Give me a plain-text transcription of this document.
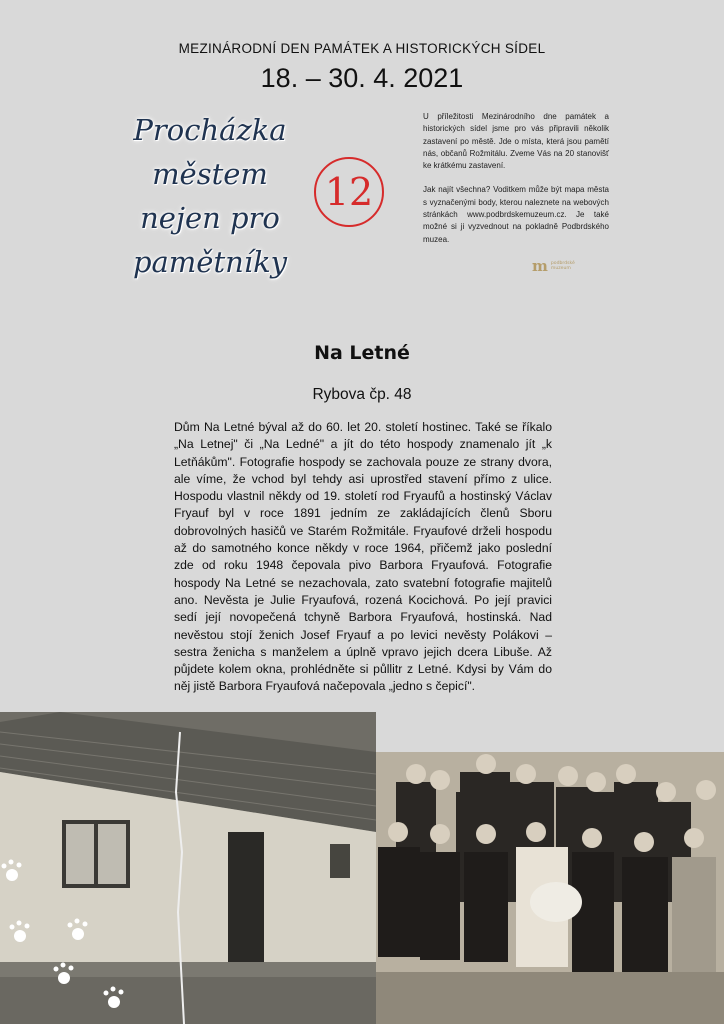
MEZINÁRODNÍ DEN PAMÁTEK A HISTORICKÝCH SÍDEL
18. – 30. 4. 2021
Procházka
městem
nejen pro
pamětníky
12

U příležitosti Mezinárodního dne památek a historických sídel jsme pro vás připravili několik zastavení po městě. Jde o místa, která jsou pamětí nás, občanů Rožmitálu. Zveme Vás na 20 stanovišť ke krátkému zastavení.

Jak najít všechna? Voditkem může být mapa města s vyznačenými body, kterou naleznete na webových stránkách www.podbrdskemuzeum.cz. Je také možné si ji vyzvednout na pokladně Podbrdského muzea.

m podbrdské
muzeum
Na Letné
Rybova čp. 48
Dům Na Letné býval až do 60. let 20. století hostinec. Také se říkalo „Na Letnej" či „Na Ledné" a jít do této hospody znamenalo jít „k Letňákům". Fotografie hospody se zachovala pouze ze strany dvora, ale víme, že vchod byl tehdy asi uprostřed stavení přímo z ulice. Hospodu vlastnil někdy od 19. století rod Fryaufů a hostinský Václav Fryauf byl v roce 1891 jedním ze zakládajících členů Sboru dobrovolných hasičů ve Starém Rožmitále. Fryaufové drželi hospodu až do samotného konce někdy v roce 1964, přičemž jako poslední zde od roku 1948 čepovala pivo Barbora Fryaufová. Fotografie hospody Na Letné se nezachovala, zato svatební fotografie majitelů ano. Nevěsta je Julie Fryaufová, rozená Kocichová. Po její pravici sedí její novopečená tchyně Barbora Fryaufová, hostinská. Nad nevěstou stojí ženich Josef Fryauf a po levici nevěsty Polákovi – sestra ženicha s manželem a úplně vpravo jejich dcera Libuše. Až půjdete kolem okna, prohlédněte si půllitr z Letné. Kdysi by Vám do něj jistě Barbora Fryaufová načepovala „jedno s čepicí".
